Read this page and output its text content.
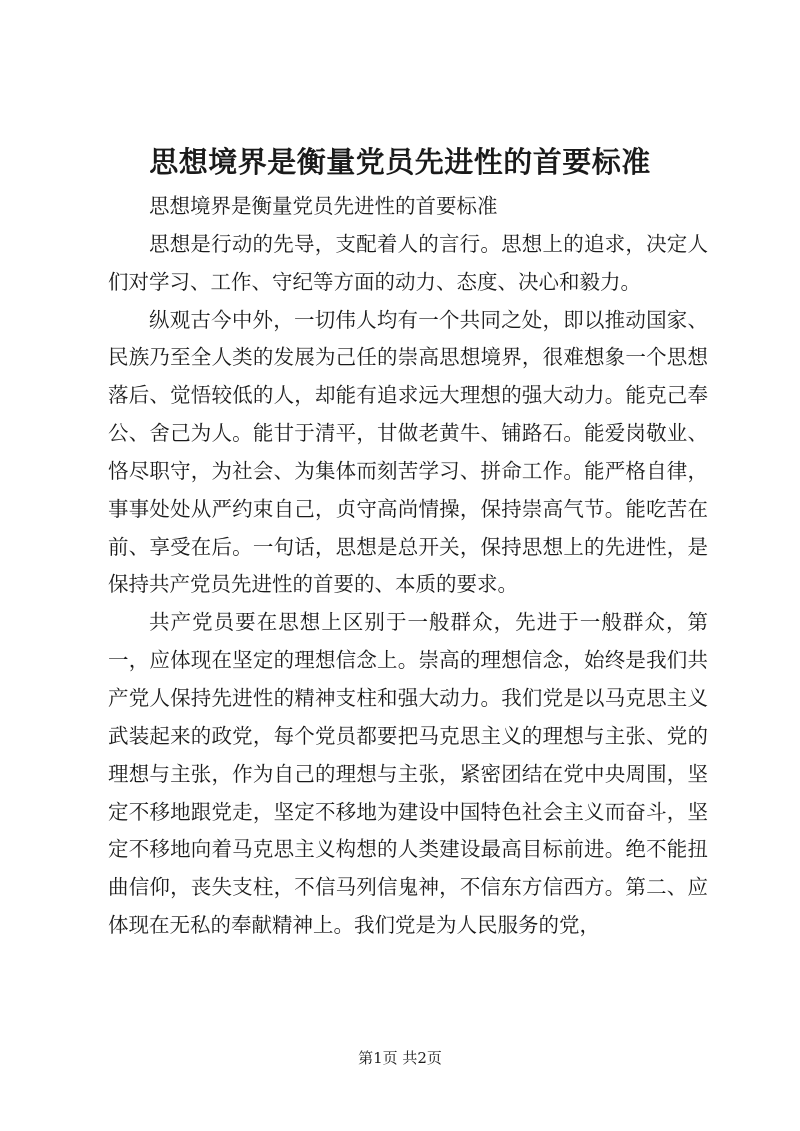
思想境界是衡量党员先进性的首要标准

思想境界是衡量党员先进性的首要标准

思想是行动的先导，支配着人的言行。思想上的追求，决定人们对学习、工作、守纪等方面的动力、态度、决心和毅力。

纵观古今中外，一切伟人均有一个共同之处，即以推动国家、民族乃至全人类的发展为己任的崇高思想境界，很难想象一个思想落后、觉悟较低的人，却能有追求远大理想的强大动力。能克己奉公、舍己为人。能甘于清平，甘做老黄牛、铺路石。能爱岗敬业、恪尽职守，为社会、为集体而刻苦学习、拼命工作。能严格自律，事事处处从严约束自己，贞守高尚情操，保持崇高气节。能吃苦在前、享受在后。一句话，思想是总开关，保持思想上的先进性，是保持共产党员先进性的首要的、本质的要求。

共产党员要在思想上区别于一般群众，先进于一般群众，第一，应体现在坚定的理想信念上。崇高的理想信念，始终是我们共产党人保持先进性的精神支柱和强大动力。我们党是以马克思主义武装起来的政党，每个党员都要把马克思主义的理想与主张、党的理想与主张，作为自己的理想与主张，紧密团结在党中央周围，坚定不移地跟党走，坚定不移地为建设中国特色社会主义而奋斗，坚定不移地向着马克思主义构想的人类建设最高目标前进。绝不能扭曲信仰，丧失支柱，不信马列信鬼神，不信东方信西方。第二、应体现在无私的奉献精神上。我们党是为人民服务的党，

第1页 共2页
